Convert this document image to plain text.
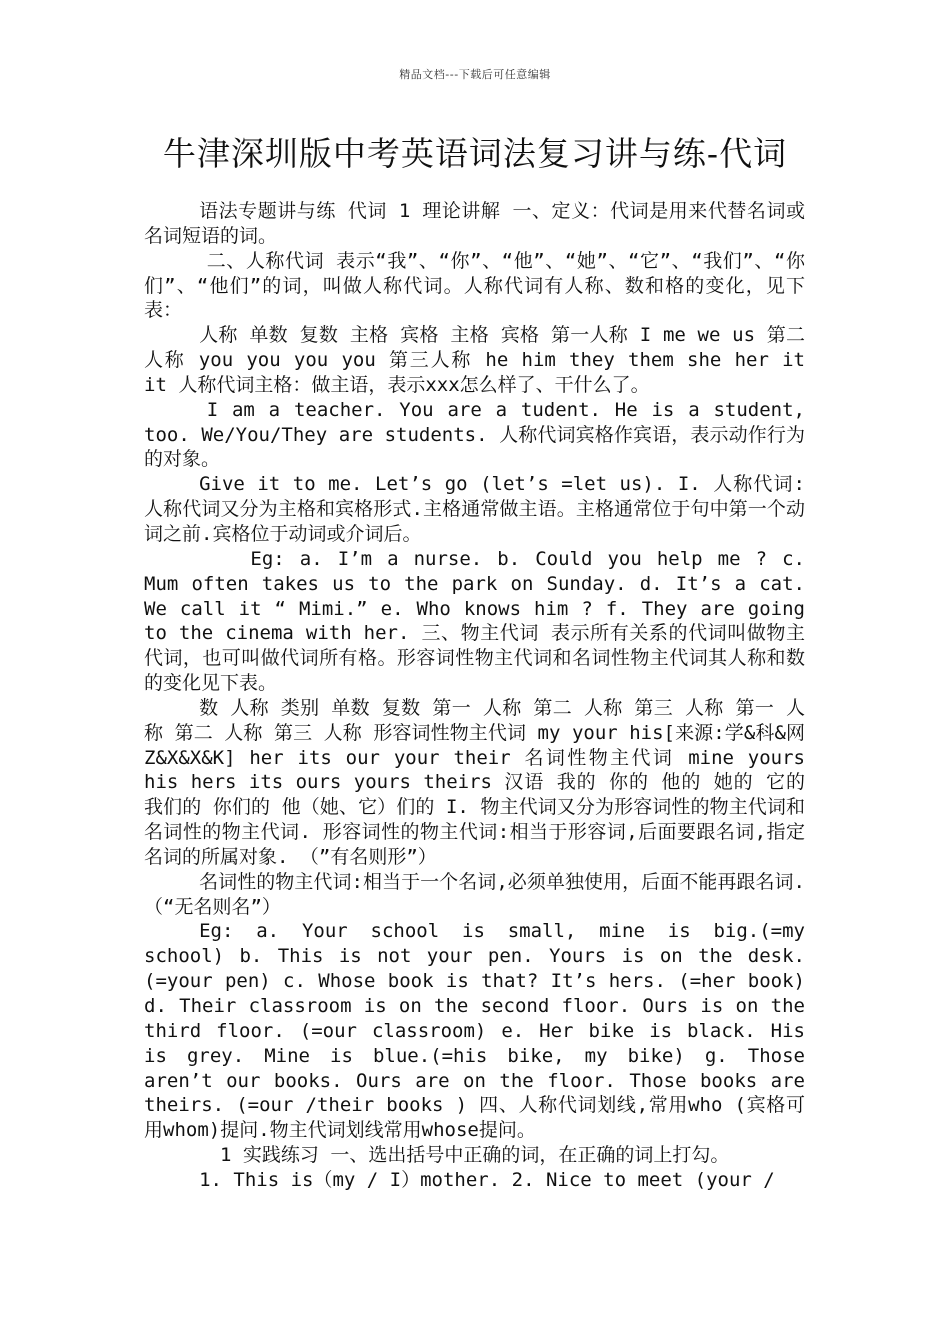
精品文档---下载后可任意编辑
牛津深圳版中考英语词法复习讲与练-代词

语法专题讲与练 代词 1 理论讲解 一、定义：代词是用来代替名词或名词短语的词。

二、人称代词 表示“我”、“你”、“他”、“她”、“它”、“我们”、“你们”、“他们”的词，叫做人称代词。人称代词有人称、数和格的变化，见下表：

人称 单数 复数 主格 宾格 主格 宾格 第一人称 I me we us 第二人称 you you you you 第三人称 he him they them she her it it 人称代词主格：做主语，表示xxx怎么样了、干什么了。

I am a teacher. You are a tudent. He is a student, too. We/You/They are students. 人称代词宾格作宾语，表示动作行为的对象。

Give it to me. Let’s go (let’s =let us). I. 人称代词: 人称代词又分为主格和宾格形式.主格通常做主语。主格通常位于句中第一个动词之前.宾格位于动词或介词后。

Eg: a. I’m a nurse. b. Could you help me ? c. Mum often takes us to the park on Sunday. d. It’s a cat. We call it “ Mimi.” e. Who knows him ? f. They are going to the cinema with her. 三、物主代词 表示所有关系的代词叫做物主代词，也可叫做代词所有格。形容词性物主代词和名词性物主代词其人称和数的变化见下表。

数 人称 类别 单数 复数 第一 人称 第二 人称 第三 人称 第一 人称 第二 人称 第三 人称 形容词性物主代词 my your his[来源:学&科&网Z&X&X&K] her its our your their 名词性物主代词 mine yours his hers its ours yours theirs 汉语 我的 你的 他的 她的 它的 我们的 你们的 他（她、它）们的 I. 物主代词又分为形容词性的物主代词和名词性的物主代词. 形容词性的物主代词:相当于形容词,后面要跟名词,指定名词的所属对象. （”有名则形”）

名词性的物主代词:相当于一个名词,必须单独使用，后面不能再跟名词. （“无名则名”）

Eg: a. Your school is small, mine is big.(=my school) b. This is not your pen. Yours is on the desk.(=your pen) c. Whose book is that? It’s hers. (=her book) d. Their classroom is on the second floor. Ours is on the third floor. (=our classroom) e. Her bike is black. His is grey. Mine is blue.(=his bike, my bike) g. Those aren’t our books. Ours are on the floor. Those books are theirs. (=our /their books ) 四、人称代词划线,常用who (宾格可用whom)提问.物主代词划线常用whose提问。

1 实践练习 一、选出括号中正确的词，在正确的词上打勾。

1. This is（my / I）mother. 2. Nice to meet (your /
